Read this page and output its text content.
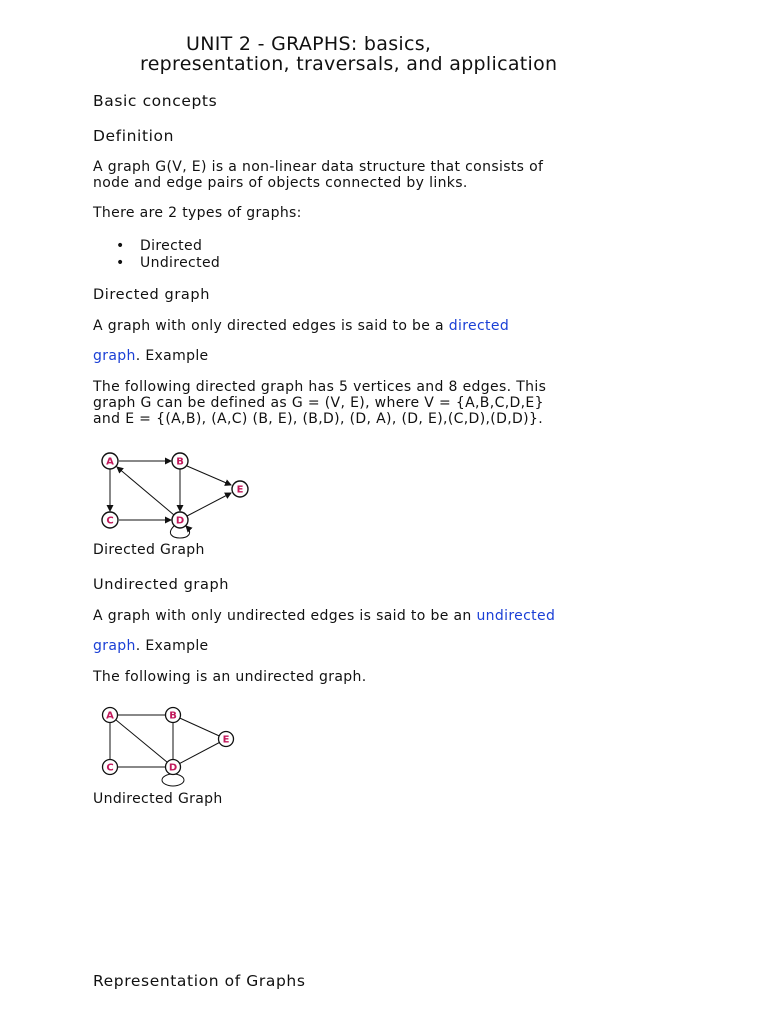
UNIT 2 - GRAPHS: basics,
representation, traversals, and application
Basic concepts
Definition
A graph G(V, E) is a non-linear data structure that consists of
node and edge pairs of objects connected by links.
There are 2 types of graphs:
• Directed
• Undirected
Directed graph
A graph with only directed edges is said to be a directed
graph. Example
The following directed graph has 5 vertices and 8 edges. This
graph G can be defined as G = (V, E), where V = {A,B,C,D,E}
and E = {(A,B), (A,C) (B, E), (B,D), (D, A), (D, E),(C,D),(D,D)}.
A	B
C	D
E
Directed Graph
Undirected graph
A graph with only undirected edges is said to be an undirected
graph. Example
The following is an undirected graph.
A	B
C	D
E
Undirected Graph
Representation of Graphs
